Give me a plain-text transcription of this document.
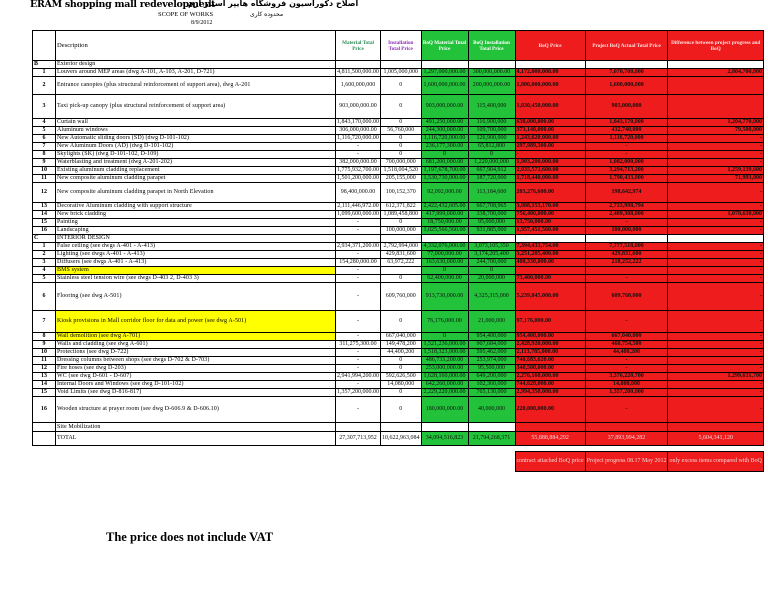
ERAM shopping mall redevelopment
اصلاح دکوراسیون فروشگاه هایپر استار ارم
SCOPE OF WORKS	محدوده کاری
8/9/2012
	Description	Material Total Price	Installation Total Price	BoQ Material Total Price	BoQ Installation Total Price	BoQ Price	Project BoQ Actual Total Price	Difference between project progress and BoQ
B	Exterior design							
1	Louvers around MEP areas (dwg A-101, A-103, A-201, D-721)	4,811,500,000.00	1,005,000,000	1,297,000,000.00	300,000,000.00	4,172,000,000.00	7,070,700,000	2,804,700,000
2	Entrance canopies (plus structural reinforcement of support area), dwg A-201	1,600,000,000	0	1,600,000,000.00	200,000,000.00	1,800,000,000.00	1,600,000,000	
3	Taxi pick-up canopy (plus structural reinforcement of support area)	903,000,000.00	0	903,000,000.00	115,400,000	1,030,450,000.00	903,000,000	
4	Curtain wall	1,843,170,000.00	0	491,250,000.00	116,900,000	638,000,000.00	1,843,170,000	1,204,770,000
5	Aluminum windows	306,000,000.00	56,760,000	244,300,000.00	109,700,000	373,140,000.00	432,740,000	79,500,000
6	New Automatic sliding doors (SD) (dwg D-101-102)	1,116,720,000.00	0	1,116,720,000.00	126,900,000	1,243,620,000.00	1,116,720,000	-
7	New Aluminum Doors (AD) (dwg D-101-102)	-	0	236,177,300.00	65,812,800	297,989,300.00	-	-
8	Skylights (SK) (dwg D-101-102, D-109)	-	0	0	0	-	-	-
9	Waterblasting and treatment (dwg A-201-202)	382,000,000.00	700,000,000	681,200,000.00	1,220,000,000	1,903,200,000.00	1,082,000,000	-
10	Existing aluminum cladding replacement	1,775,932,700.00	1,518,004,520	1,197,678,700.00	667,904,912	2,035,573,600.00	3,294,713,200	1,259,139,600
11	New composite aluminum cladding parapet	1,501,200,000.00	205,155,000	1,530,730,000.00	187,720,000	1,718,440,000.00	1,790,433,000	71,993,000
12	New composite aluminum cladding parapet in North Elevation	98,400,000.00	100,152,370	92,092,000.00	113,184,600	203,276,600.00	198,642,974	-
13	Decorative Aluminum cladding with support structure	2,111,446,972.00	612,371,822	2,422,432,605.00	667,708,965	3,088,153,170.00	2,723,998,794	-
14	New brick cladding	1,099,600,000.00	1,089,458,800	417,999,000.00	338,700,000	756,400,000.00	2,489,308,000	1,078,630,000
15	Painting	-	0	18,750,000.00	95,000,000	13,750,000.00	-	-
16	Landscaping	-	100,000,000	1,025,566,560.00	931,885,000	1,957,451,560.00	100,000,000	-
C	INTERIOR DESIGN							
1	False ceiling (see dwgs A-401 - A-413)	2,934,371,200.00	2,792,994,000	4,332,076,000.00	3,073,105,350	7,394,433,754.00	7,777,518,000	-
2	Lighting (see dwgs A-401 - A-413)	-	429,831,600	77,000,000.00	3,174,205,400	3,251,205,400.00	429,831,600	-
3	Diffusers (see dwgs A-401 - A-413)	154,280,000.00	63,972,222	163,630,000.00	244,700,000	408,330,000.00	218,252,222	-
4	BMS system	-		0	0			-
5	Stainless steel tension wire (see dwgs D-403 2, D-403 3)	-	0	62,400,000.00	20,000,000	73,400,000.00	-	-
6	Flooring (see dwg A-501)	-	609,760,000	913,730,000.00	4,325,315,000	5,239,045,000.00	609,760,000	-
7	Kiosk provisions in Mall corridor floor for data and power (see dwg A-501)	-	0	76,176,000.00	21,000,000	97,176,000.00	-	-
8	Wall demolition (see dwg A-701)	-	667,040,000	0	954,400,000	954,400,000.00	667,040,000	-
9	Walls and cladding (see dwg A-601)	311,275,300.00	149,478,200	1,521,236,000.00	907,684,000	2,428,920,000.00	460,754,500	-
10	Protections (see dwg D-722)	-	44,400,200	1,518,323,000.00	595,462,000	2,113,785,000.00	44,400,200	-
11	Dressing columns between shops (see dwgs D-702 & D-703)	-	0	486,733,200.00	253,974,000	740,683,620.00	-	-
12	Fire hoses (see dwg D-203)	-	0	253,000,000.00	95,500,000	348,500,000.00	-	-
13	WC (see dwg D-601 - D-607)	2,941,994,200.00	592,626,500	1,628,160,000.00	649,200,000	2,276,160,000.00	3,376,220,700	1,299,631,700
14	Internal Doors and Windows (see dwg D-101-102)	-	14,080,000	642,260,000.00	102,360,000	744,620,000.00	14,080,000	-
15	Void Limits (see dwg D-816-817)	1,357,200,000.00	0	2,229,220,000.00	765,130,000	2,994,350,000.00	1,357,200,000	-
16	Wooden structure at prayer room (see dwg D-606.9 & D-606.10)	-	0	180,000,000.00	40,000,000	220,000,000.00	-	-
	Site Mobilization							
	TOTAL	27,307,713,952	10,622,963,084	34,094,516,823	21,794,268,371	55,888,884,292	37,893,994,282	5,604,341,120

						contract attached BoQ price	Project progress 08.17 May 2012	only excess items compared with BoQ
The price does not include VAT
